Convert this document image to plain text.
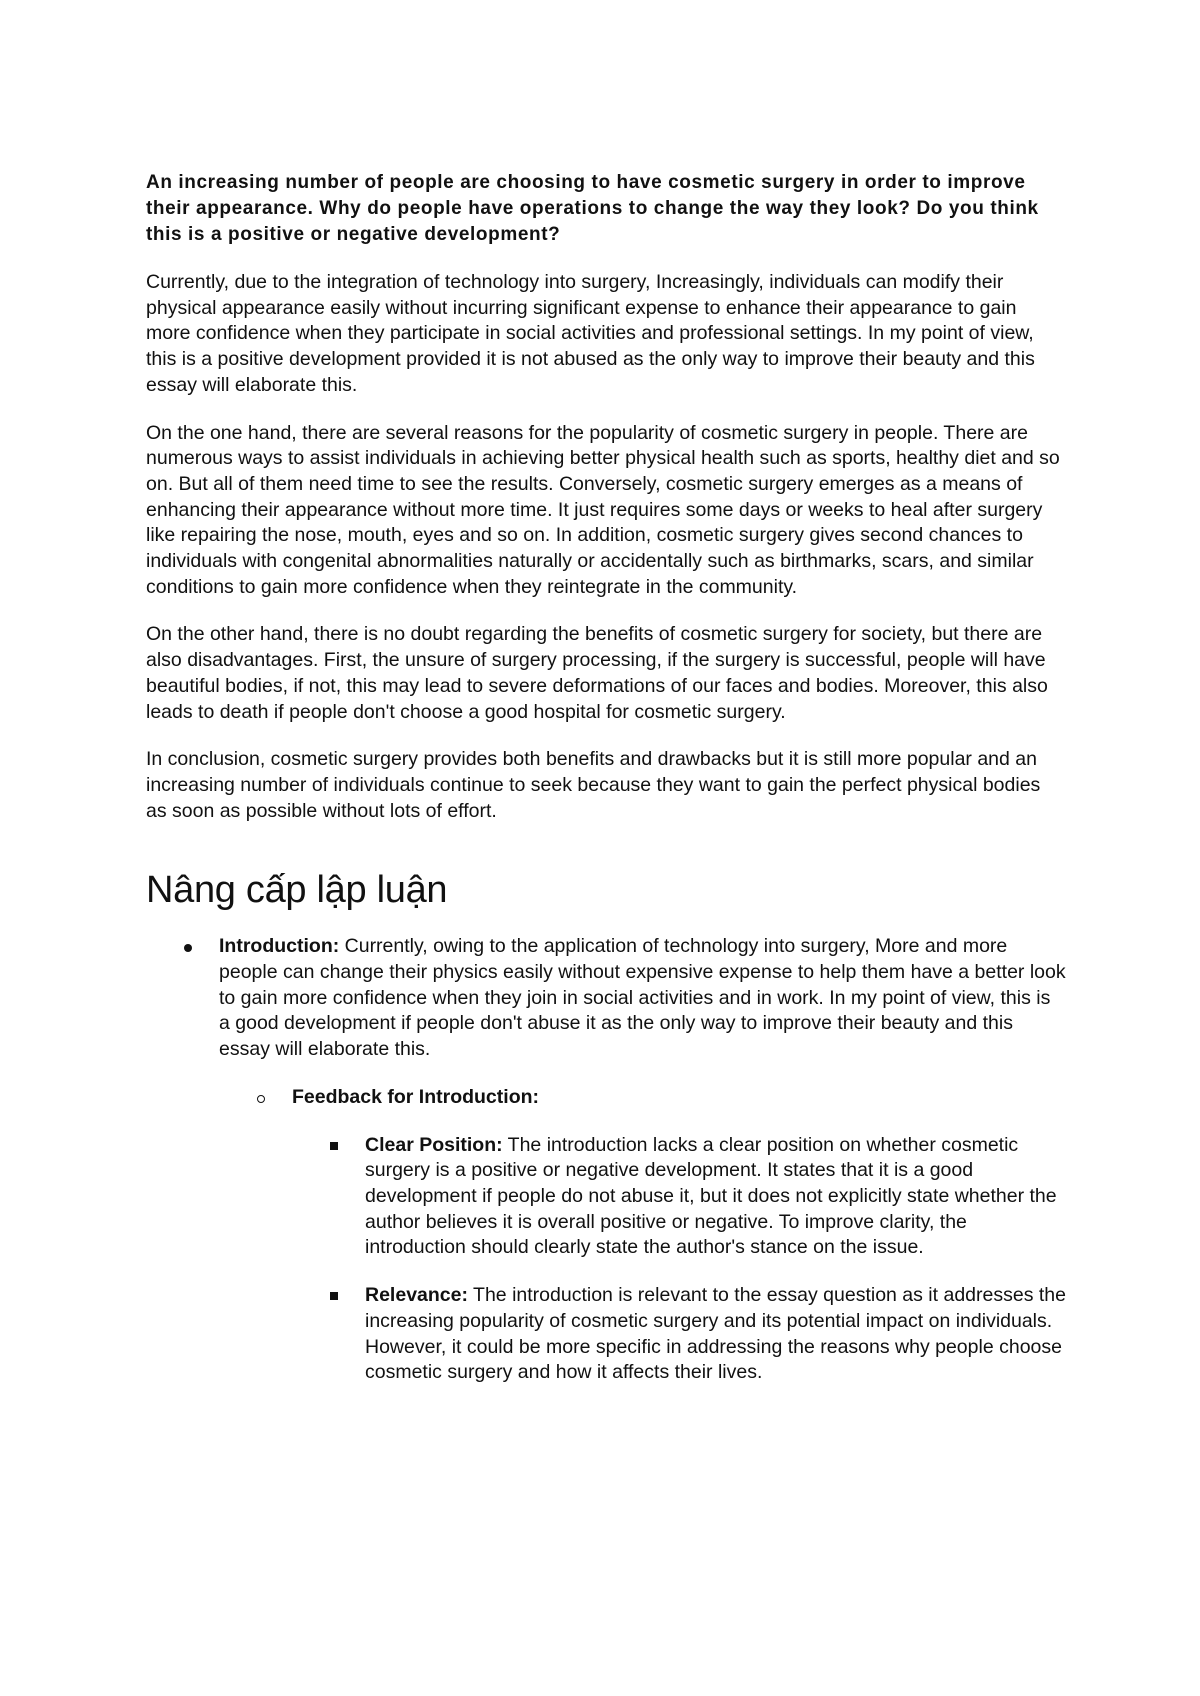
An increasing number of people are choosing to have cosmetic surgery in order to improve their appearance. Why do people have operations to change the way they look? Do you think this is a positive or negative development?

Currently, due to the integration of technology into surgery, Increasingly, individuals can modify their physical appearance easily without incurring significant expense to enhance their appearance to gain more confidence when they participate in social activities and professional settings. In my point of view, this is a positive development provided it is not abused as the only way to improve their beauty and this essay will elaborate this.

On the one hand, there are several reasons for the popularity of cosmetic surgery in people. There are numerous ways to assist individuals in achieving better physical health such as sports, healthy diet and so on. But all of them need time to see the results. Conversely, cosmetic surgery emerges as a means of enhancing their appearance without more time. It just requires some days or weeks to heal after surgery like repairing the nose, mouth, eyes and so on. In addition, cosmetic surgery gives second chances to individuals with congenital abnormalities naturally or accidentally such as birthmarks, scars, and similar conditions to gain more confidence when they reintegrate in the community.

On the other hand, there is no doubt regarding the benefits of cosmetic surgery for society, but there are also disadvantages. First, the unsure of surgery processing, if the surgery is successful, people will have beautiful bodies, if not, this may lead to severe deformations of our faces and bodies. Moreover, this also leads to death if people don't choose a good hospital for cosmetic surgery.

In conclusion, cosmetic surgery provides both benefits and drawbacks but it is still more popular and an increasing number of individuals continue to seek because they want to gain the perfect physical bodies as soon as possible without lots of effort.

Nâng cấp lập luận
Introduction: Currently, owing to the application of technology into surgery, More and more people can change their physics easily without expensive expense to help them have a better look to gain more confidence when they join in social activities and in work. In my point of view, this is a good development if people don't abuse it as the only way to improve their beauty and this essay will elaborate this.
Feedback for Introduction:
Clear Position: The introduction lacks a clear position on whether cosmetic surgery is a positive or negative development. It states that it is a good development if people do not abuse it, but it does not explicitly state whether the author believes it is overall positive or negative. To improve clarity, the introduction should clearly state the author's stance on the issue.
Relevance: The introduction is relevant to the essay question as it addresses the increasing popularity of cosmetic surgery and its potential impact on individuals. However, it could be more specific in addressing the reasons why people choose cosmetic surgery and how it affects their lives.
